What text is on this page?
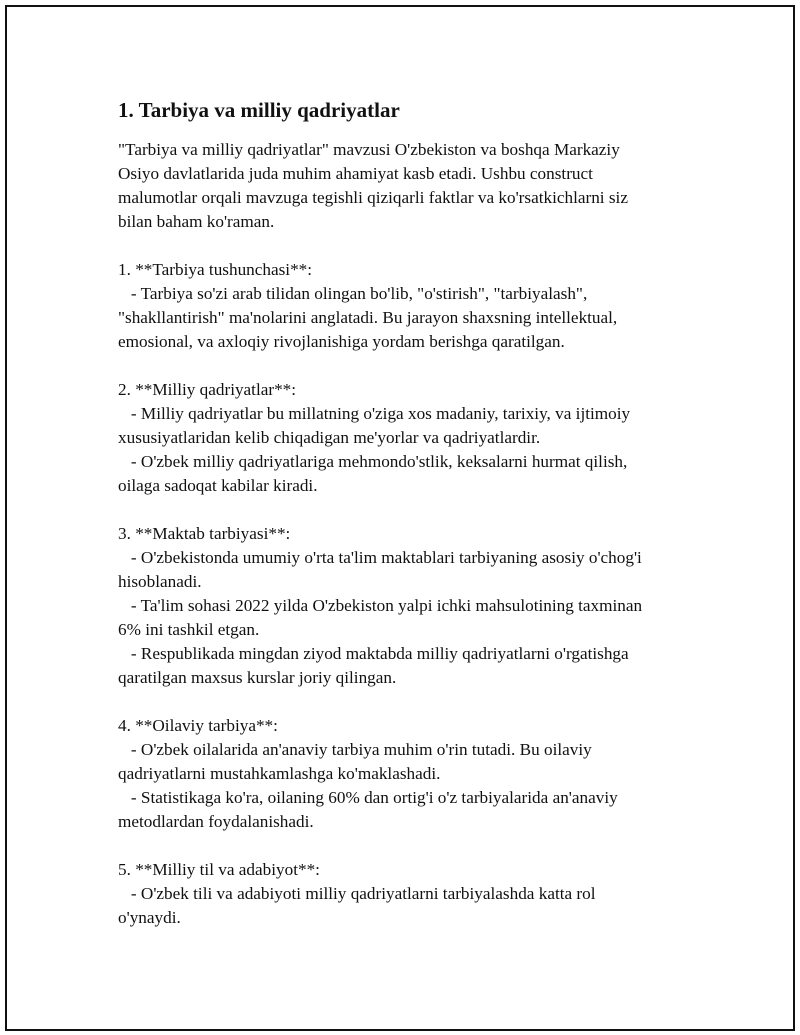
1. Tarbiya va milliy qadriyatlar
"Tarbiya va milliy qadriyatlar" mavzusi O'zbekiston va boshqa Markaziy
Osiyo davlatlarida juda muhim ahamiyat kasb etadi. Ushbu construct
malumotlar orqali mavzuga tegishli qiziqarli faktlar va ko'rsatkichlarni siz
bilan baham ko'raman.

1. **Tarbiya tushunchasi**:
- Tarbiya so'zi arab tilidan olingan bo'lib, "o'stirish", "tarbiyalash",
"shakllantirish" ma'nolarini anglatadi. Bu jarayon shaxsning intellektual,
emosional, va axloqiy rivojlanishiga yordam berishga qaratilgan.

2. **Milliy qadriyatlar**:
- Milliy qadriyatlar bu millatning o'ziga xos madaniy, tarixiy, va ijtimoiy
xususiyatlaridan kelib chiqadigan me'yorlar va qadriyatlardir.
- O'zbek milliy qadriyatlariga mehmondo'stlik, keksalarni hurmat qilish,
oilaga sadoqat kabilar kiradi.

3. **Maktab tarbiyasi**:
- O'zbekistonda umumiy o'rta ta'lim maktablari tarbiyaning asosiy o'chog'i
hisoblanadi.
- Ta'lim sohasi 2022 yilda O'zbekiston yalpi ichki mahsulotining taxminan
6% ini tashkil etgan.
- Respublikada mingdan ziyod maktabda milliy qadriyatlarni o'rgatishga
qaratilgan maxsus kurslar joriy qilingan.

4. **Oilaviy tarbiya**:
- O'zbek oilalarida an'anaviy tarbiya muhim o'rin tutadi. Bu oilaviy
qadriyatlarni mustahkamlashga ko'maklashadi.
- Statistikaga ko'ra, oilaning 60% dan ortig'i o'z tarbiyalarida an'anaviy
metodlardan foydalanishadi.

5. **Milliy til va adabiyot**:
- O'zbek tili va adabiyoti milliy qadriyatlarni tarbiyalashda katta rol
o'ynaydi.
